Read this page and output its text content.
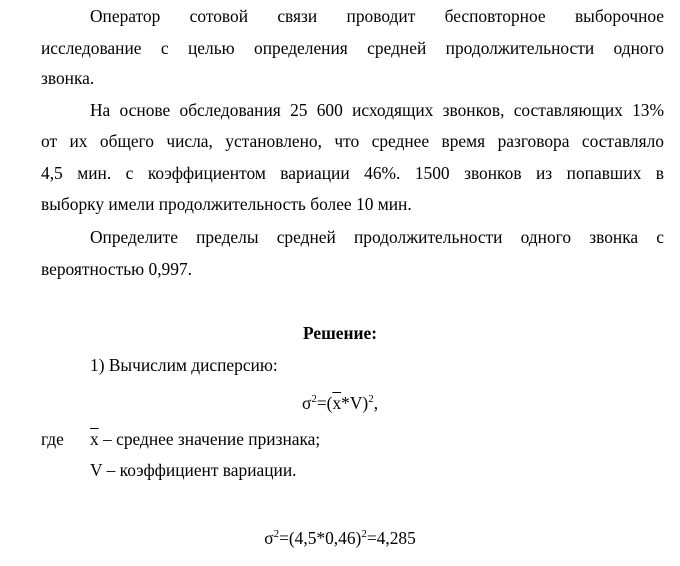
Оператор сотовой связи проводит бесповторное выборочное
исследование с целью определения средней продолжительности одного
звонка.
На основе обследования 25 600 исходящих звонков, составляющих 13%
от их общего числа, установлено, что среднее время разговора составляло
4,5 мин. с коэффициентом вариации 46%. 1500 звонков из попавших в
выборку имели продолжительность более 10 мин.
Определите пределы средней продолжительности одного звонка с
вероятностью 0,997.
Решение:
1) Вычислим дисперсию:
$\sigma^2=(\overline{x}*V)^2$,
где $\overline{x}$ – среднее значение признака;
V – коэффициент вариации.
$\sigma^2=(4,5*0,46)^2=4,285$
